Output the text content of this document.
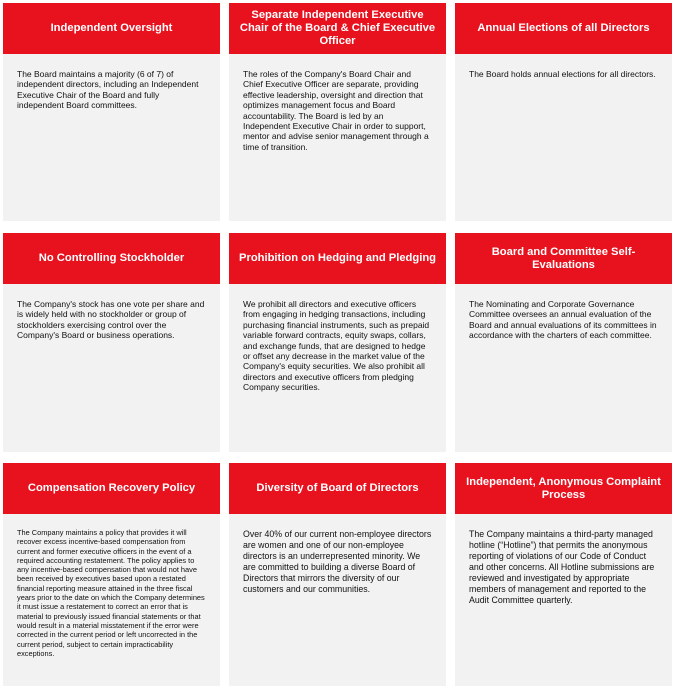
Independent Oversight
The Board maintains a majority (6 of 7) of independent directors, including an Independent Executive Chair of the Board and fully independent Board committees.
Separate Independent Executive Chair of the Board & Chief Executive Officer
The roles of the Company's Board Chair and Chief Executive Officer are separate, providing effective leadership, oversight and direction that optimizes management focus and Board accountability. The Board is led by an Independent Executive Chair in order to support, mentor and advise senior management through a time of transition.
Annual Elections of all Directors
The Board holds annual elections for all directors.
No Controlling Stockholder
The Company's stock has one vote per share and is widely held with no stockholder or group of stockholders exercising control over the Company's Board or business operations.
Prohibition on Hedging and Pledging
We prohibit all directors and executive officers from engaging in hedging transactions, including purchasing financial instruments, such as prepaid variable forward contracts, equity swaps, collars, and exchange funds, that are designed to hedge or offset any decrease in the market value of the Company's equity securities. We also prohibit all directors and executive officers from pledging Company securities.
Board and Committee Self-Evaluations
The Nominating and Corporate Governance Committee oversees an annual evaluation of the Board and annual evaluations of its committees in accordance with the charters of each committee.
Compensation Recovery Policy
The Company maintains a policy that provides it will recover excess incentive-based compensation from current and former executive officers in the event of a required accounting restatement. The policy applies to any incentive-based compensation that would not have been received by executives based upon a restated financial reporting measure attained in the three fiscal years prior to the date on which the Company determines it must issue a restatement to correct an error that is material to previously issued financial statements or that would result in a material misstatement if the error were corrected in the current period or left uncorrected in the current period, subject to certain impracticability exceptions.
Diversity of Board of Directors
Over 40% of our current non-employee directors are women and one of our non-employee directors is an underrepresented minority. We are committed to building a diverse Board of Directors that mirrors the diversity of our customers and our communities.
Independent, Anonymous Complaint Process
The Company maintains a third-party managed hotline (“Hotline”) that permits the anonymous reporting of violations of our Code of Conduct and other concerns. All Hotline submissions are reviewed and investigated by appropriate members of management and reported to the Audit Committee quarterly.
